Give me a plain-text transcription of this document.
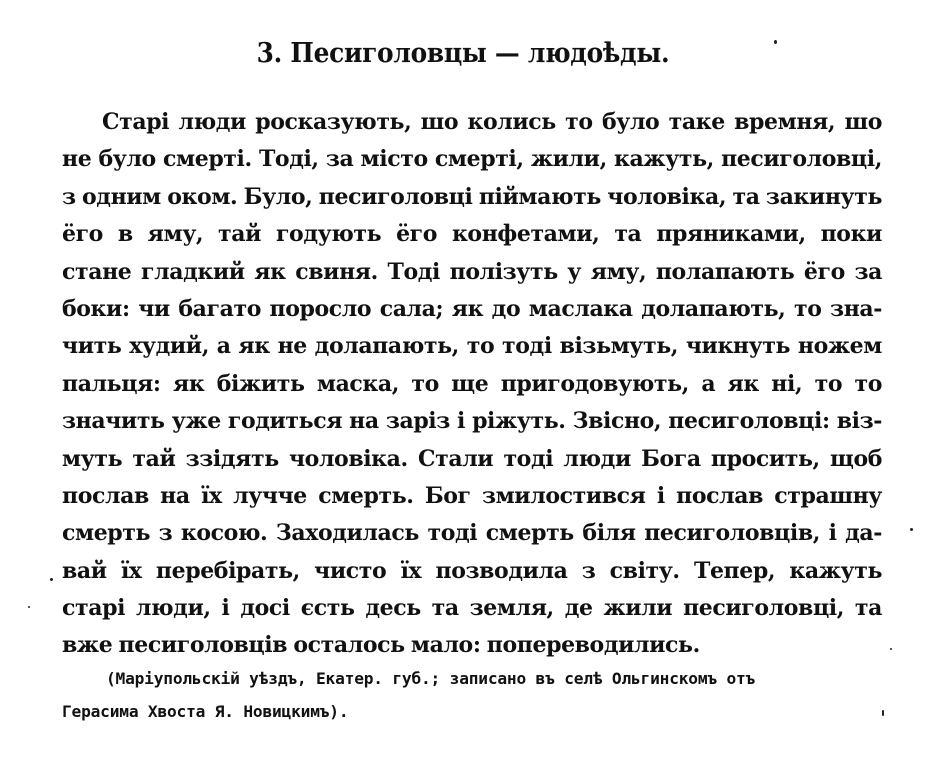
3. Песиголовцы — людоѣды.
Старі люди росказують, шо колись то було таке времня, шо
не було смерті. Тоді, за місто смерті, жили, кажуть, песиголовці,
з одним оком. Було, песиголовці піймають чоловіка, та закинуть
ёго в яму, тай годують ёго конфетами, та пряниками, поки
стане гладкий як свиня. Тоді полізуть у яму, полапають ёго за
боки: чи багато поросло сала; як до маслака долапають, то зна-
чить худий, а як не долапають, то тоді візьмуть, чикнуть ножем
пальця: як біжить маска, то ще пригодовують, а як ні, то то
значить уже годиться на заріз і ріжуть. Звісно, песиголовці: віз-
муть тай ззідять чоловіка. Стали тоді люди Бога просить, щоб
послав на їх лучче смерть. Бог змилостився і послав страшну
смерть з косою. Заходилась тоді смерть біля песиголовців, і да-
вай їх перебірать, чисто їх позводила з світу. Тепер, кажуть
старі люди, і досі єсть десь та земля, де жили песиголовці, та
вже песиголовців осталось мало: попереводились.
(Маріупольскій уѣздъ, Екатер. губ.; записано въ селѣ Ольгинскомъ отъ
Герасима Хвоста Я. Новицкимъ).
